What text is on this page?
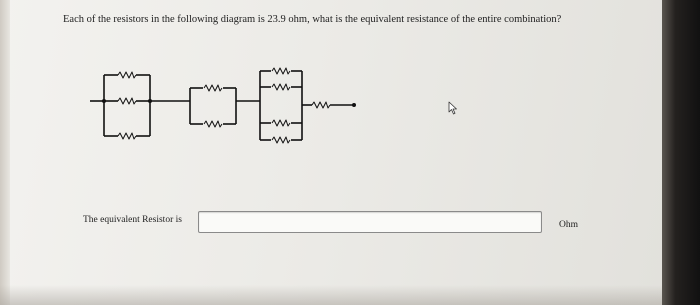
Each of the resistors in the following diagram is 23.9 ohm, what is the equivalent resistance of the entire combination?
The equivalent Resistor is	Ohm
